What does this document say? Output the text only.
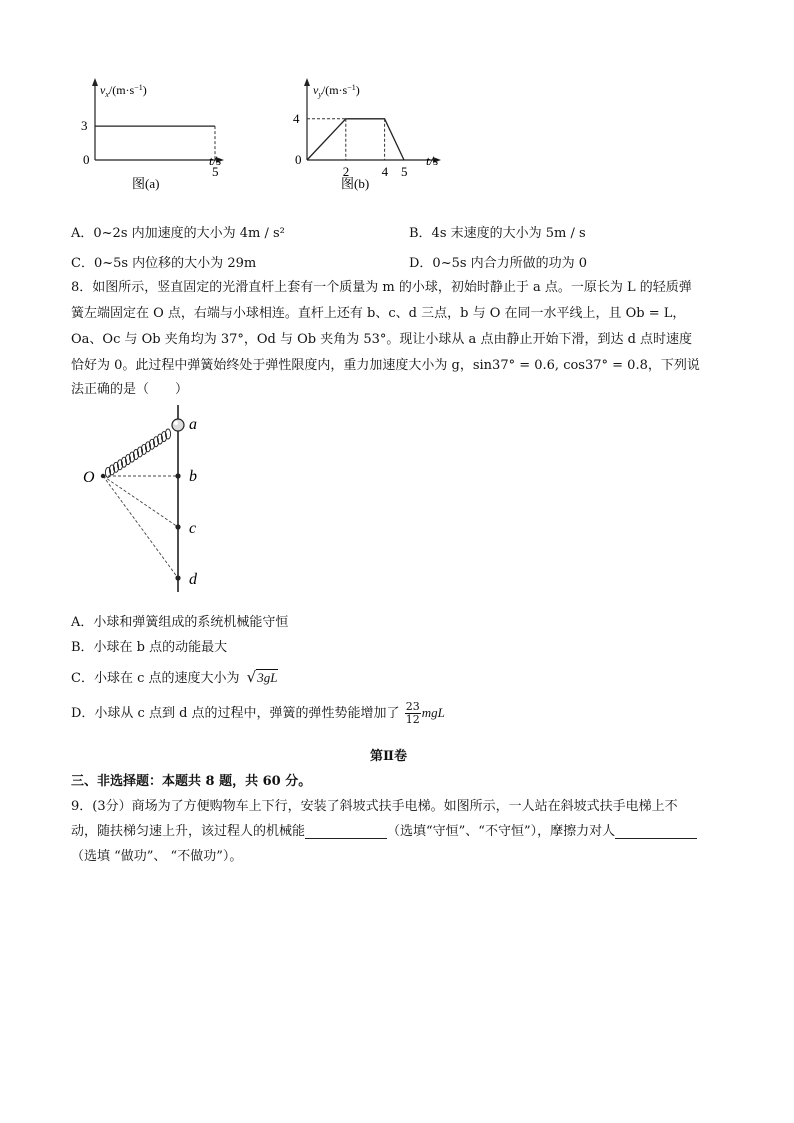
$v_x/(m\cdot s^{-1})$
3
0
5
t/s
图(a)
$v_y/(m\cdot s^{-1})$
4
0
2 4 5
t/s
图(b)
A．0~2s 内加速度的大小为 4m / s²	B．4s 末速度的大小为 5m / s
C．0~5s 内位移的大小为 29m	D．0~5s 内合力所做的功为 0
8．如图所示，竖直固定的光滑直杆上套有一个质量为 m 的小球，初始时静止于 a 点。一原长为 L 的轻质弹
簧左端固定在 O 点，右端与小球相连。直杆上还有 b、c、d 三点，b 与 O 在同一水平线上，且 Ob = L，
Oa、Oc 与 Ob 夹角均为 37°，Od 与 Ob 夹角为 53°。现让小球从 a 点由静止开始下滑，到达 d 点时速度
恰好为 0。此过程中弹簧始终处于弹性限度内，重力加速度大小为 g，sin37° = 0.6, cos37° = 0.8，下列说
法正确的是（　　）
a
b
c
d
O
A．小球和弹簧组成的系统机械能守恒
B．小球在 b 点的动能最大
C．小球在 c 点的速度大小为 √3gL
D．小球从 c 点到 d 点的过程中，弹簧的弹性势能增加了 $\frac{23}{12}$ mgL
第Ⅱ卷
三、非选择题：本题共 8 题，共 60 分。
9．(3分）商场为了方便购物车上下行，安装了斜坡式扶手电梯。如图所示，一人站在斜坡式扶手电梯上不
动，随扶梯匀速上升，该过程人的机械能	（选填“守恒”、“不守恒”），摩擦力对人
（选填 “做功”、 “不做功”）。
